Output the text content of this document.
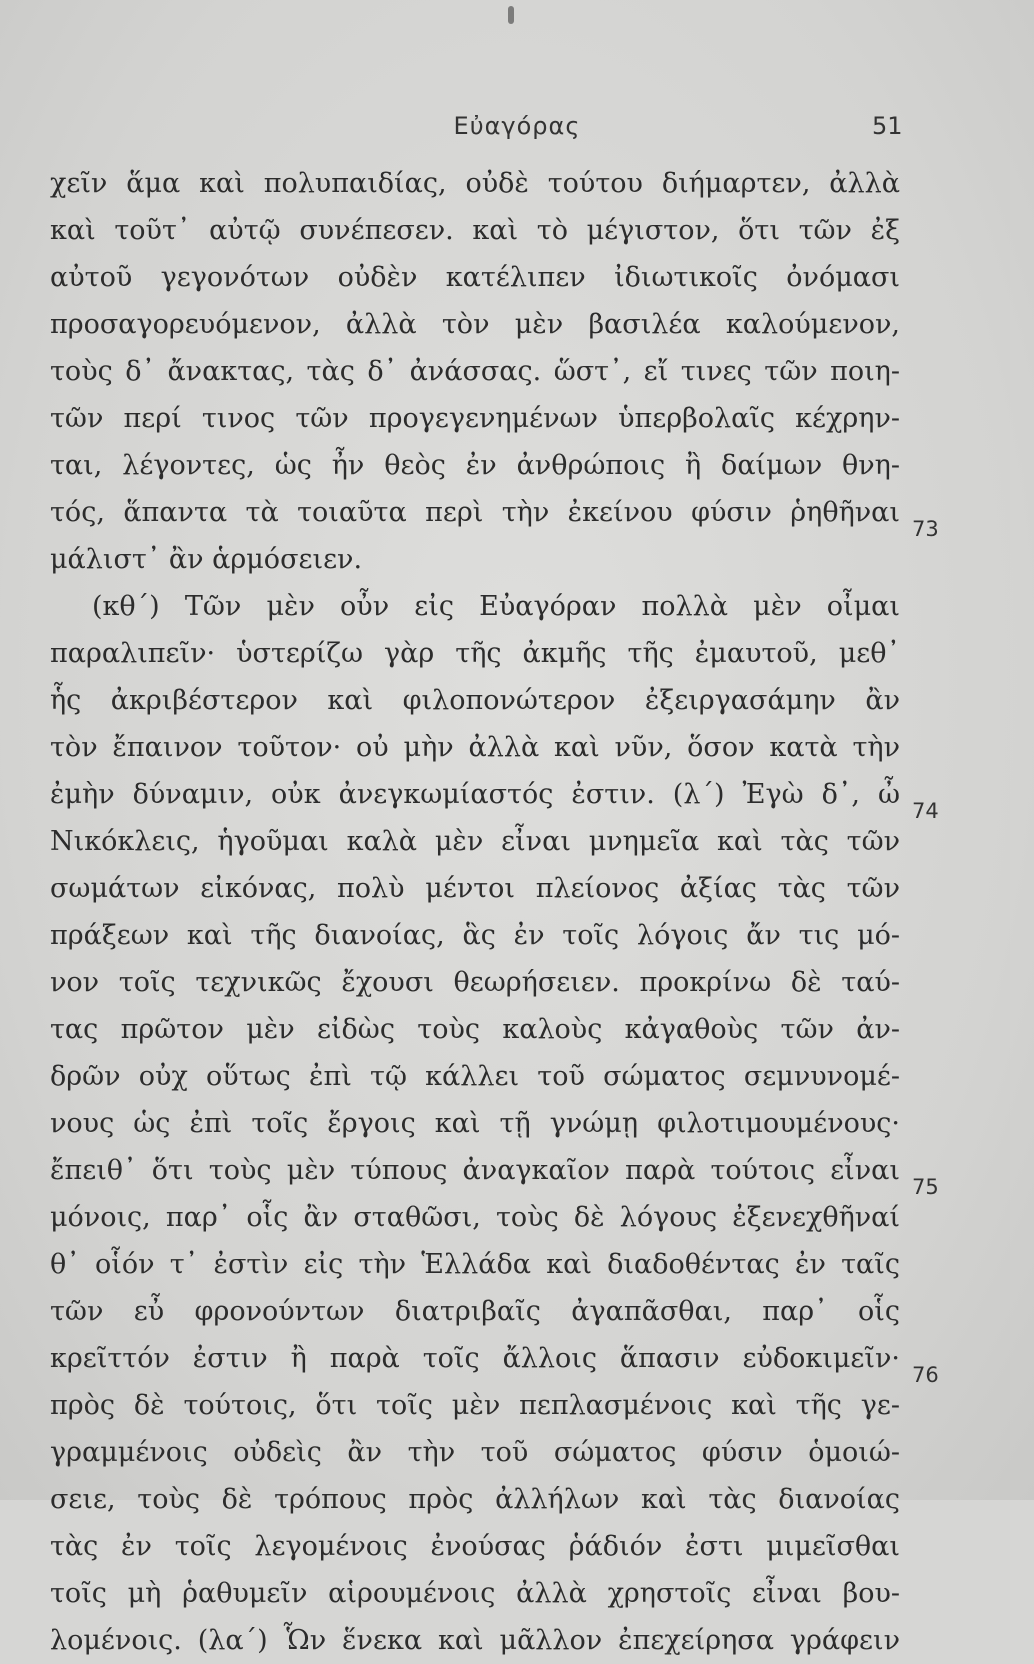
Εὐαγόρας	51
χεῖν ἅμα καὶ πολυπαιδίας, οὐδὲ τούτου διήμαρτεν, ἀλλὰ
καὶ τοῦτ᾽ αὐτῷ συνέπεσεν. καὶ τὸ μέγιστον, ὅτι τῶν ἐξ
αὐτοῦ γεγονότων οὐδὲν κατέλιπεν ἰδιωτικοῖς ὀνόμασι
προσαγορευόμενον, ἀλλὰ τὸν μὲν βασιλέα καλούμενον,
τοὺς δ᾽ ἄνακτας, τὰς δ᾽ ἀνάσσας. ὥστ᾽, εἴ τινες τῶν ποιη-
τῶν περί τινος τῶν προγεγενημένων ὑπερβολαῖς κέχρην-
ται, λέγοντες, ὡς ἦν θεὸς ἐν ἀνθρώποις ἢ δαίμων θνη-
τός, ἅπαντα τὰ τοιαῦτα περὶ τὴν ἐκείνου φύσιν ῥηθῆναι
μάλιστ᾽ ἂν ἁρμόσειεν.
(κθ´) Τῶν μὲν οὖν εἰς Εὐαγόραν πολλὰ μὲν οἶμαι
παραλιπεῖν· ὑστερίζω γὰρ τῆς ἀκμῆς τῆς ἐμαυτοῦ, μεθ᾽
ἧς ἀκριβέστερον καὶ φιλοπονώτερον ἐξειργασάμην ἂν
τὸν ἔπαινον τοῦτον· οὐ μὴν ἀλλὰ καὶ νῦν, ὅσον κατὰ τὴν
ἐμὴν δύναμιν, οὐκ ἀνεγκωμίαστός ἐστιν. (λ´) Ἐγὼ δ᾽, ὦ
Νικόκλεις, ἡγοῦμαι καλὰ μὲν εἶναι μνημεῖα καὶ τὰς τῶν
σωμάτων εἰκόνας, πολὺ μέντοι πλείονος ἀξίας τὰς τῶν
πράξεων καὶ τῆς διανοίας, ἃς ἐν τοῖς λόγοις ἄν τις μό-
νον τοῖς τεχνικῶς ἔχουσι θεωρήσειεν. προκρίνω δὲ ταύ-
τας πρῶτον μὲν εἰδὼς τοὺς καλοὺς κἀγαθοὺς τῶν ἀν-
δρῶν οὐχ οὕτως ἐπὶ τῷ κάλλει τοῦ σώματος σεμνυνομέ-
νους ὡς ἐπὶ τοῖς ἔργοις καὶ τῇ γνώμῃ φιλοτιμουμένους·
ἔπειθ᾽ ὅτι τοὺς μὲν τύπους ἀναγκαῖον παρὰ τούτοις εἶναι
μόνοις, παρ᾽ οἷς ἂν σταθῶσι, τοὺς δὲ λόγους ἐξενεχθῆναί
θ᾽ οἷόν τ᾽ ἐστὶν εἰς τὴν Ἑλλάδα καὶ διαδοθέντας ἐν ταῖς
τῶν εὖ φρονούντων διατριβαῖς ἀγαπᾶσθαι, παρ᾽ οἷς
κρεῖττόν ἐστιν ἢ παρὰ τοῖς ἄλλοις ἅπασιν εὐδοκιμεῖν·
πρὸς δὲ τούτοις, ὅτι τοῖς μὲν πεπλασμένοις καὶ τῆς γε-
γραμμένοις οὐδεὶς ἂν τὴν τοῦ σώματος φύσιν ὁμοιώ-
σειε, τοὺς δὲ τρόπους πρὸς ἀλλήλων καὶ τὰς διανοίας
τὰς ἐν τοῖς λεγομένοις ἐνούσας ῥάδιόν ἐστι μιμεῖσθαι
τοῖς μὴ ῥαθυμεῖν αἱρουμένοις ἀλλὰ χρηστοῖς εἶναι βου-
λομένοις. (λα´) Ὧν ἕνεκα καὶ μᾶλλον ἐπεχείρησα γράφειν
73
74
75
76
